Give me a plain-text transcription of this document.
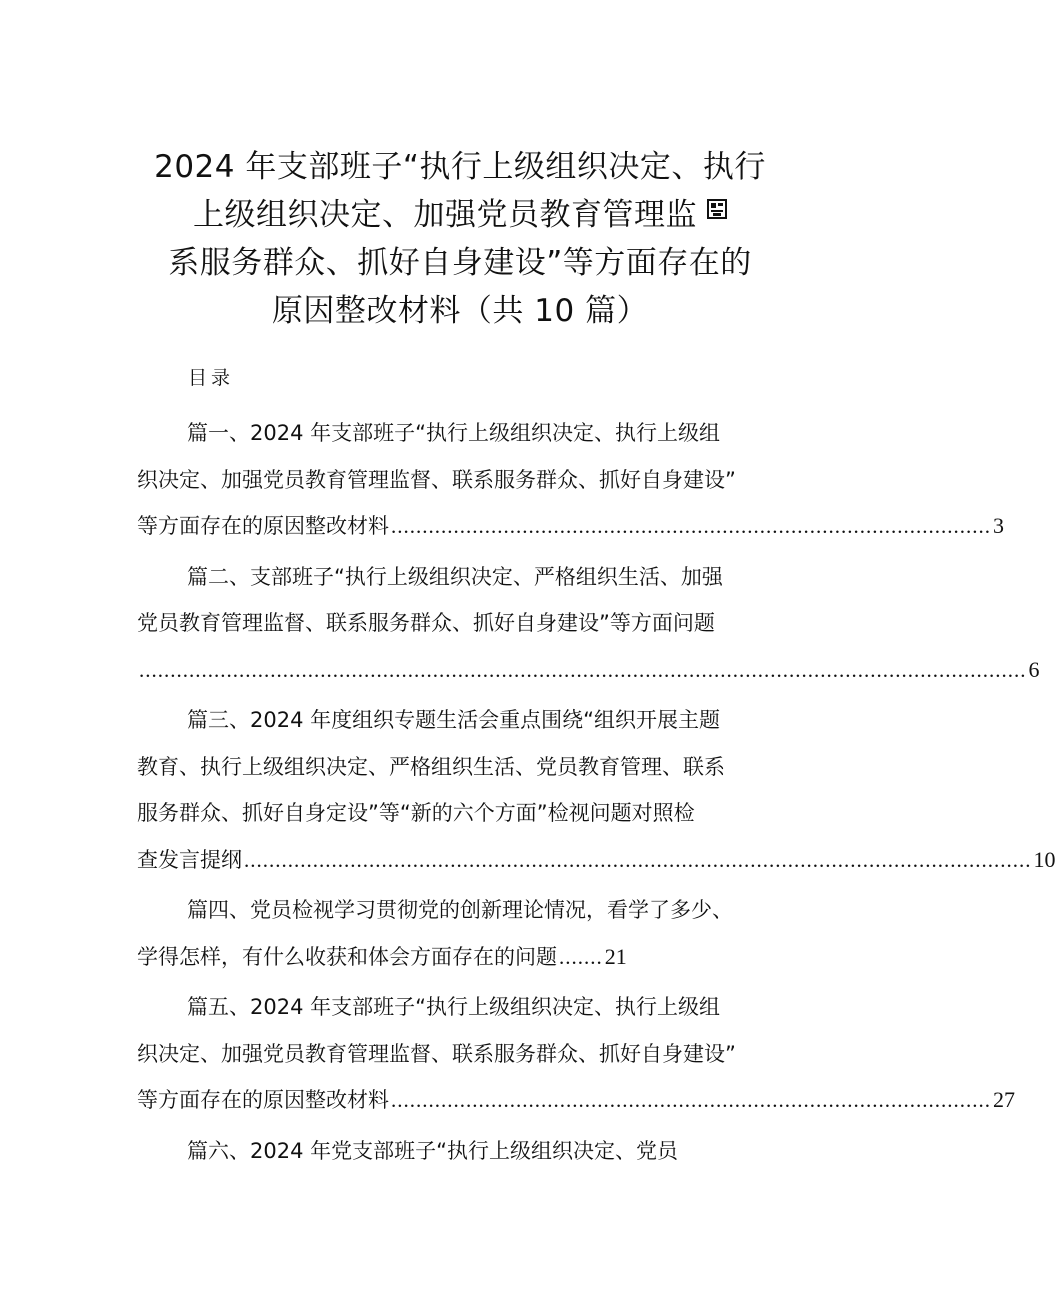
2024 年支部班子“执行上级组织决定、执行
上级组织决定、加强党员教育管理监
系服务群众、抓好自身建设”等方面存在的
原因整改材料（共 10 篇）
目录
篇一、2024 年支部班子“执行上级组织决定、执行上级组
织决定、加强党员教育管理监督、联系服务群众、抓好自身建设”
等方面存在的原因整改材料 ................................................................................................ 3
篇二、支部班子“执行上级组织决定、严格组织生活、加强
党员教育管理监督、联系服务群众、抓好自身建设”等方面问题
.............................................................................................................................................. 6
篇三、2024 年度组织专题生活会重点围绕“组织开展主题
教育、执行上级组织决定、严格组织生活、党员教育管理、联系
服务群众、抓好自身定设”等“新的六个方面”检视问题对照检
查发言提纲 .............................................................................................................................. 10
篇四、党员检视学习贯彻党的创新理论情况，看学了多少、
学得怎样，有什么收获和体会方面存在的问题 ....... 21
篇五、2024 年支部班子“执行上级组织决定、执行上级组
织决定、加强党员教育管理监督、联系服务群众、抓好自身建设”
等方面存在的原因整改材料 ................................................................................................ 27
篇六、2024 年党支部班子“执行上级组织决定、党员
